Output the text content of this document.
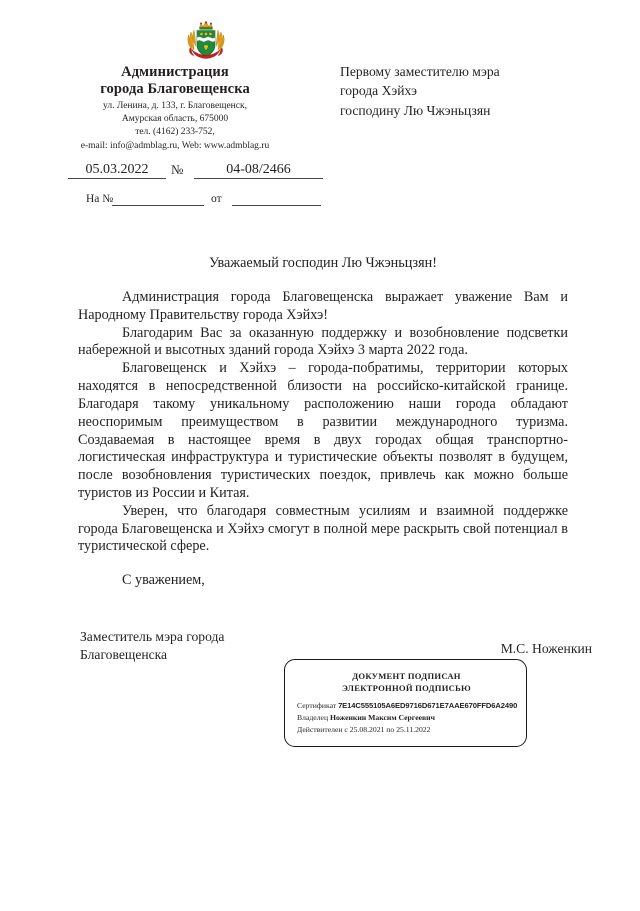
Администрация
города Благовещенска
ул. Ленина, д. 133, г. Благовещенск,
Амурская область, 675000
тел. (4162) 233-752,
e-mail: info@admblag.ru, Web: www.admblag.ru
Первому заместителю мэра
города Хэйхэ
господину Лю Чжэньцзян
05.03.2022	№	04-08/2466
На №	от
Уважаемый господин Лю Чжэньцзян!

Администрация города Благовещенска выражает уважение Вам и Народному Правительству города Хэйхэ!

Благодарим Вас за оказанную поддержку и возобновление подсветки набережной и высотных зданий города Хэйхэ 3 марта 2022 года.

Благовещенск и Хэйхэ – города-побратимы, территории которых находятся в непосредственной близости на российско-китайской границе. Благодаря такому уникальному расположению наши города обладают неоспоримым преимуществом в развитии международного туризма. Создаваемая в настоящее время в двух городах общая транспортно-логистическая инфраструктура и туристические объекты позволят в будущем, после возобновления туристических поездок, привлечь как можно больше туристов из России и Китая.

Уверен, что благодаря совместным усилиям и взаимной поддержке города Благовещенска и Хэйхэ смогут в полной мере раскрыть свой потенциал в туристической сфере.

С уважением,
Заместитель мэра города
Благовещенска	М.С. Ноженкин
ДОКУМЕНТ ПОДПИСАН
ЭЛЕКТРОННОЙ ПОДПИСЬЮ
Сертификат 7E14C555105A6ED9716D671E7AAE670FFD6A2490
Владелец Ноженкин Максим Сергеевич
Действителен с 25.08.2021 по 25.11.2022
